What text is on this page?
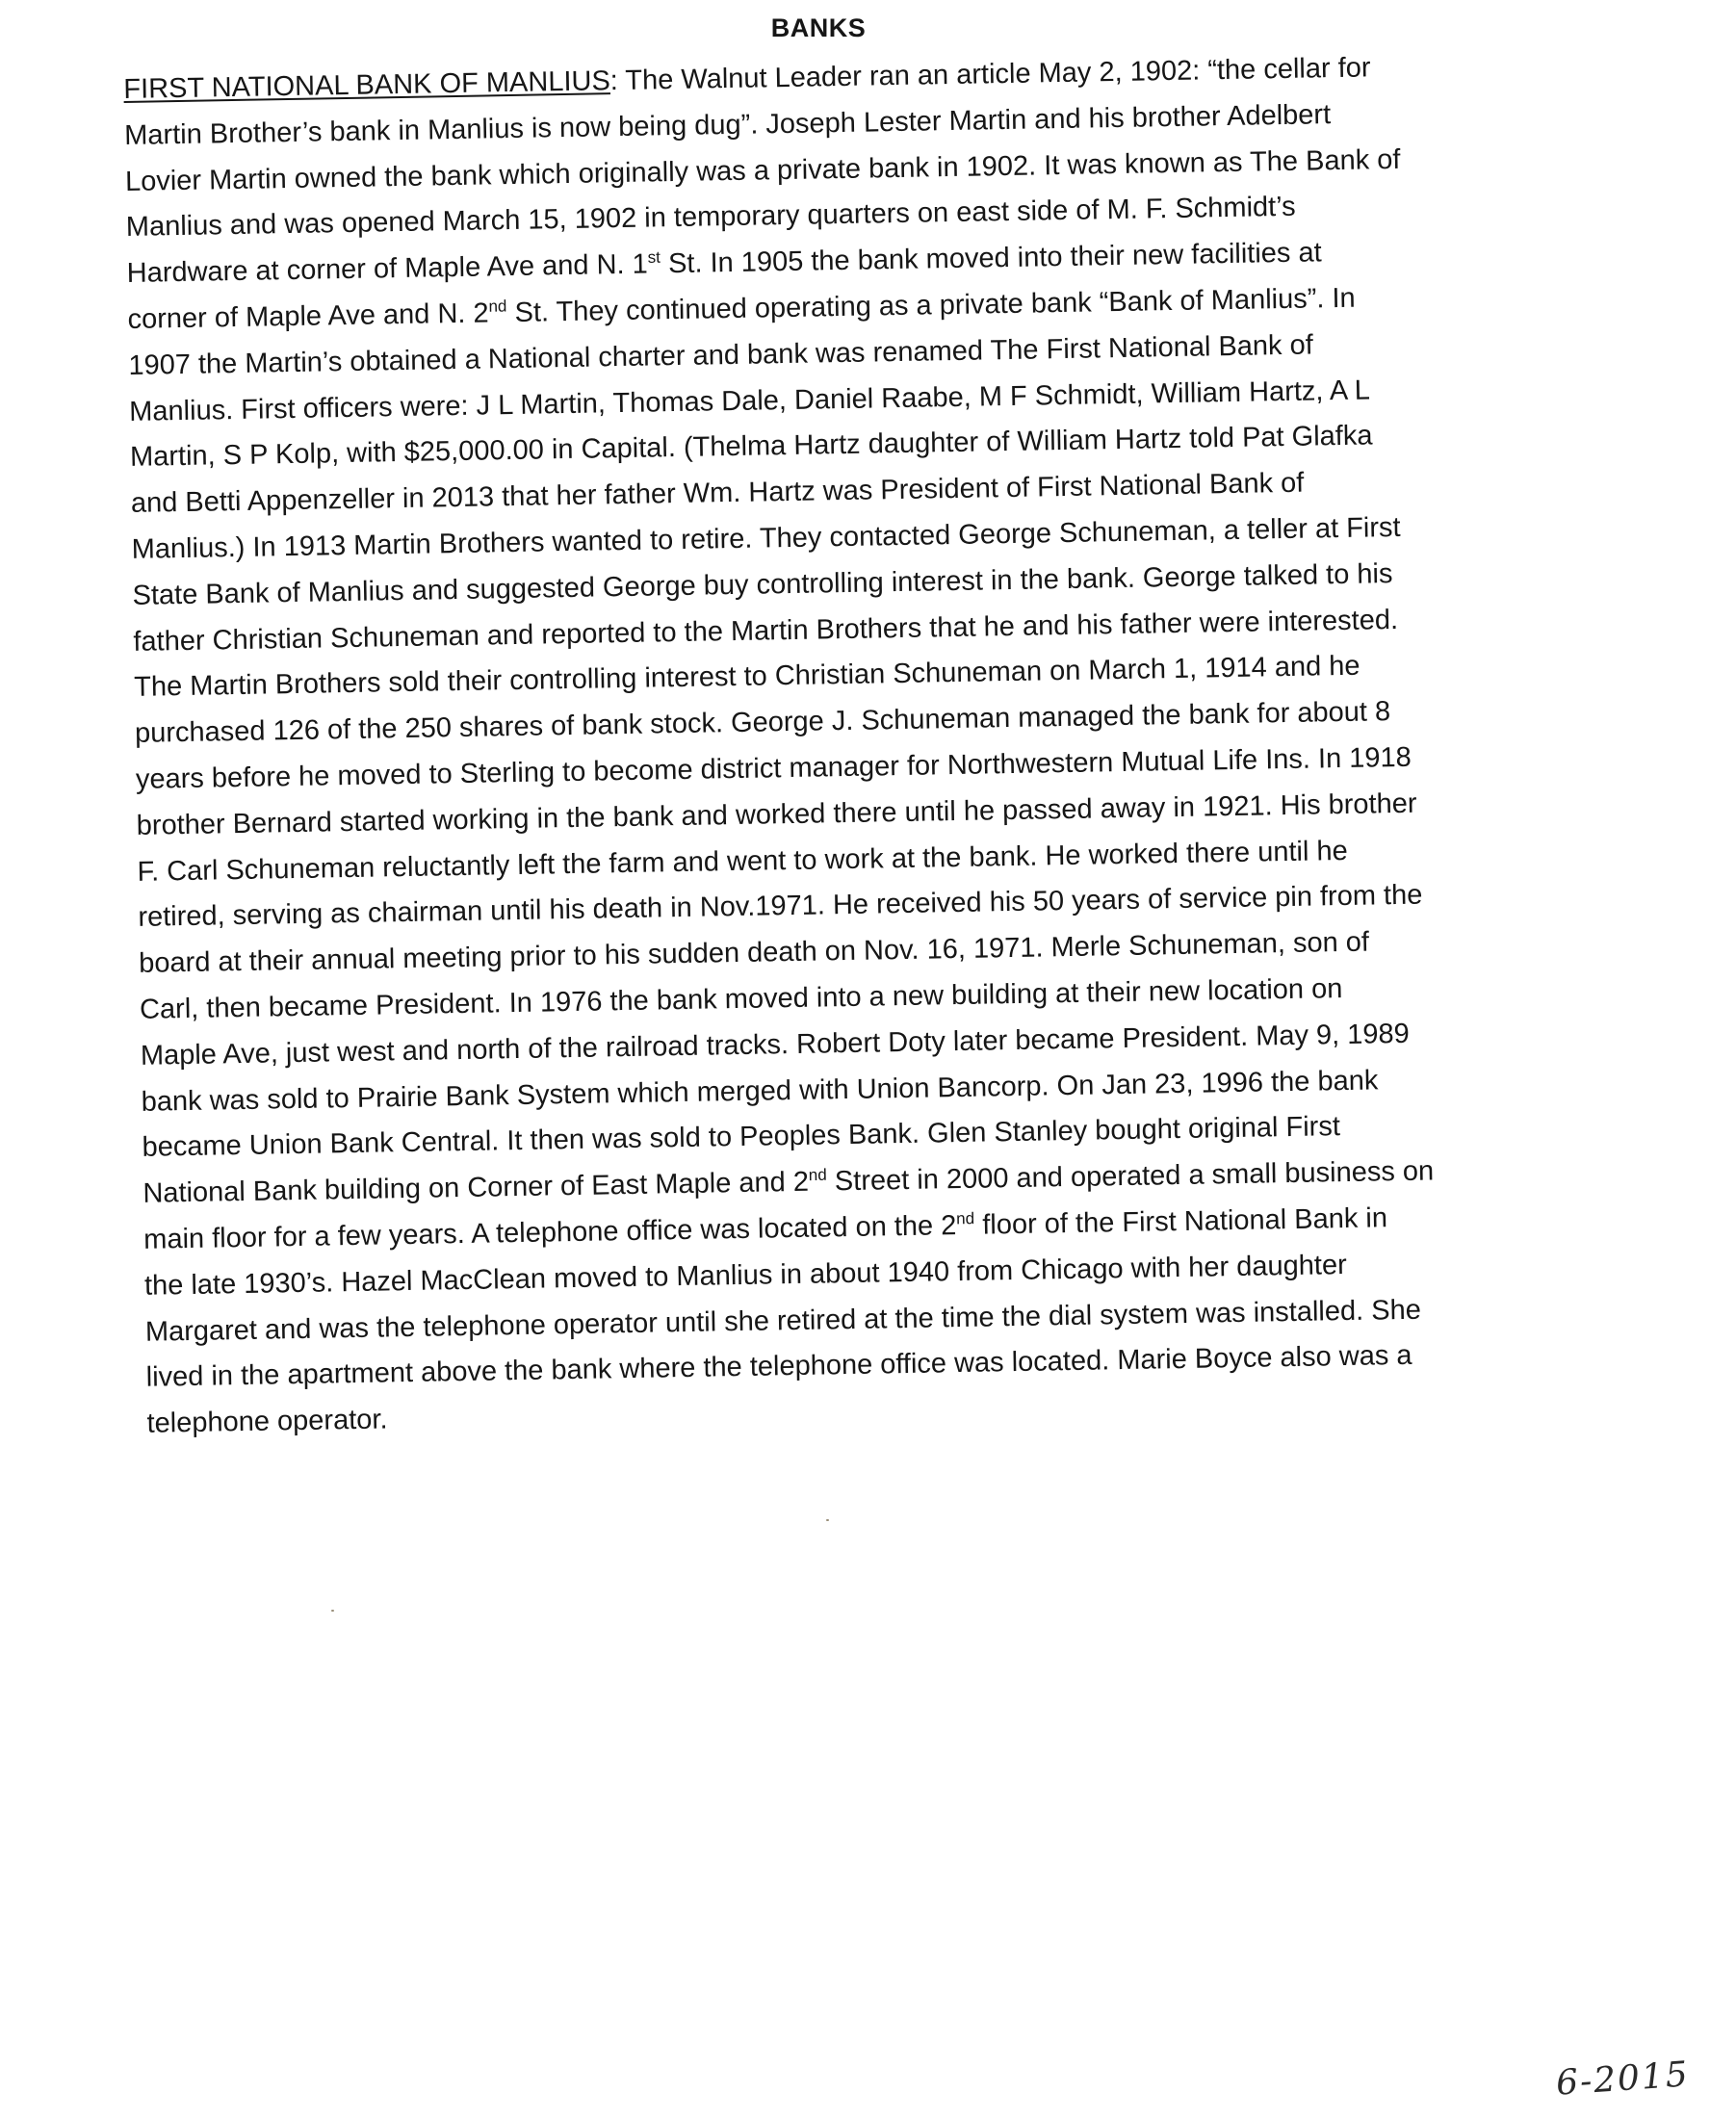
BANKS
FIRST NATIONAL BANK OF MANLIUS: The Walnut Leader ran an article May 2, 1902: “the cellar for
Martin Brother’s bank in Manlius is now being dug”. Joseph Lester Martin and his brother Adelbert
Lovier Martin owned the bank which originally was a private bank in 1902. It was known as The Bank of
Manlius and was opened March 15, 1902 in temporary quarters on east side of M. F. Schmidt’s
Hardware at corner of Maple Ave and N. 1st St. In 1905 the bank moved into their new facilities at
corner of Maple Ave and N. 2nd St. They continued operating as a private bank “Bank of Manlius”. In
1907 the Martin’s obtained a National charter and bank was renamed The First National Bank of
Manlius. First officers were: J L Martin, Thomas Dale, Daniel Raabe, M F Schmidt, William Hartz, A L
Martin, S P Kolp, with $25,000.00 in Capital. (Thelma Hartz daughter of William Hartz told Pat Glafka
and Betti Appenzeller in 2013 that her father Wm. Hartz was President of First National Bank of
Manlius.) In 1913 Martin Brothers wanted to retire. They contacted George Schuneman, a teller at First
State Bank of Manlius and suggested George buy controlling interest in the bank. George talked to his
father Christian Schuneman and reported to the Martin Brothers that he and his father were interested.
The Martin Brothers sold their controlling interest to Christian Schuneman on March 1, 1914 and he
purchased 126 of the 250 shares of bank stock. George J. Schuneman managed the bank for about 8
years before he moved to Sterling to become district manager for Northwestern Mutual Life Ins. In 1918
brother Bernard started working in the bank and worked there until he passed away in 1921. His brother
F. Carl Schuneman reluctantly left the farm and went to work at the bank. He worked there until he
retired, serving as chairman until his death in Nov.1971. He received his 50 years of service pin from the
board at their annual meeting prior to his sudden death on Nov. 16, 1971. Merle Schuneman, son of
Carl, then became President. In 1976 the bank moved into a new building at their new location on
Maple Ave, just west and north of the railroad tracks. Robert Doty later became President. May 9, 1989
bank was sold to Prairie Bank System which merged with Union Bancorp. On Jan 23, 1996 the bank
became Union Bank Central. It then was sold to Peoples Bank. Glen Stanley bought original First
National Bank building on Corner of East Maple and 2nd Street in 2000 and operated a small business on
main floor for a few years. A telephone office was located on the 2nd floor of the First National Bank in
the late 1930’s. Hazel MacClean moved to Manlius in about 1940 from Chicago with her daughter
Margaret and was the telephone operator until she retired at the time the dial system was installed. She
lived in the apartment above the bank where the telephone office was located. Marie Boyce also was a
telephone operator.
6-2015
